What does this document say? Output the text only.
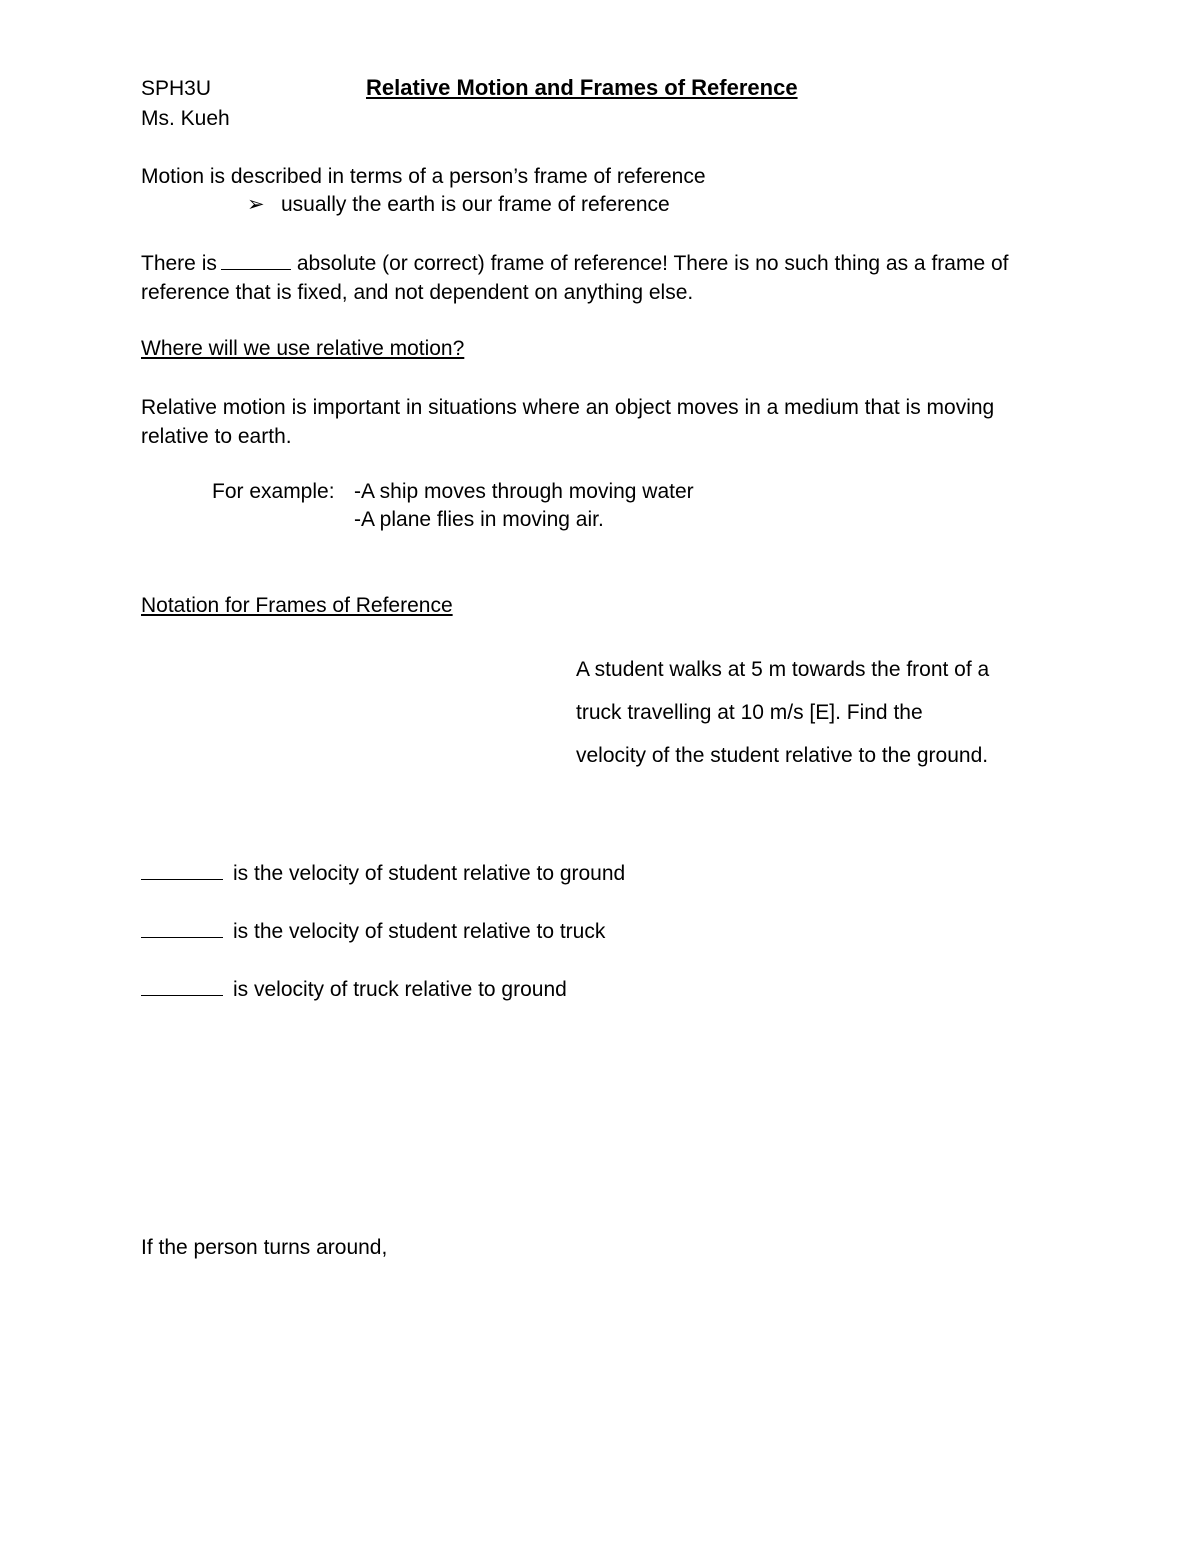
SPH3U	Relative Motion and Frames of Reference
Ms. Kueh
Motion is described in terms of a person’s frame of reference
➢ usually the earth is our frame of reference
There is	absolute (or correct) frame of reference! There is no such thing as a frame of reference that is fixed, and not dependent on anything else.
Where will we use relative motion?
Relative motion is important in situations where an object moves in a medium that is moving relative to earth.
For example: -A ship moves through moving water
-A plane flies in moving air.
Notation for Frames of Reference
A student walks at 5 m towards the front of a truck travelling at 10 m/s [E]. Find the velocity of the student relative to the ground.
is the velocity of student relative to ground
is the velocity of student relative to truck
is velocity of truck relative to ground
If the person turns around,
